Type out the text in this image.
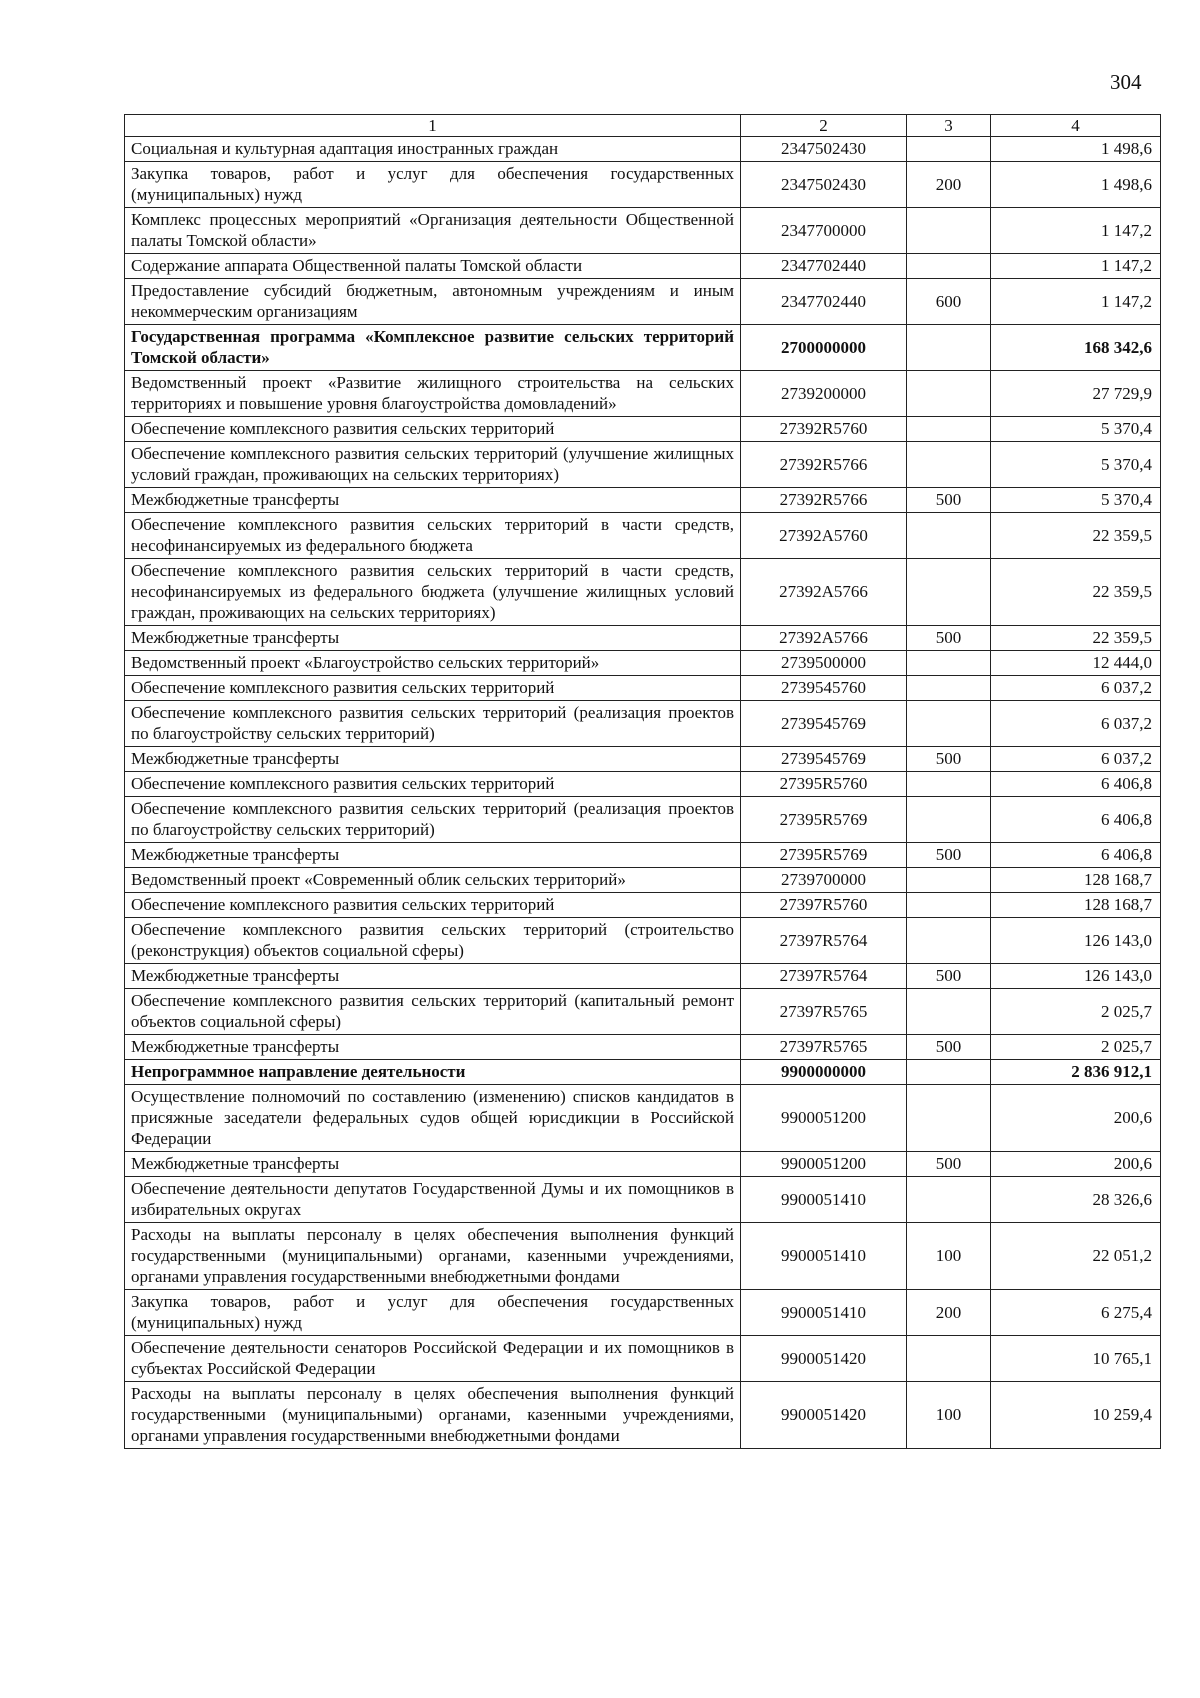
304
1	2	3	4
Социальная и культурная адаптация иностранных граждан	2347502430		1 498,6
Закупка товаров, работ и услуг для обеспечения государственных (муниципальных) нужд	2347502430	200	1 498,6
Комплекс процессных мероприятий «Организация деятельности Общественной палаты Томской области»	2347700000		1 147,2
Содержание аппарата Общественной палаты Томской области	2347702440		1 147,2
Предоставление субсидий бюджетным, автономным учреждениям и иным некоммерческим организациям	2347702440	600	1 147,2
Государственная программа «Комплексное развитие сельских территорий Томской области»	2700000000		168 342,6
Ведомственный проект «Развитие жилищного строительства на сельских территориях и повышение уровня благоустройства домовладений»	2739200000		27 729,9
Обеспечение комплексного развития сельских территорий	27392R5760		5 370,4
Обеспечение комплексного развития сельских территорий (улучшение жилищных условий граждан, проживающих на сельских территориях)	27392R5766		5 370,4
Межбюджетные трансферты	27392R5766	500	5 370,4
Обеспечение комплексного развития сельских территорий в части средств, несофинансируемых из федерального бюджета	27392A5760		22 359,5
Обеспечение комплексного развития сельских территорий в части средств, несофинансируемых из федерального бюджета (улучшение жилищных условий граждан, проживающих на сельских территориях)	27392A5766		22 359,5
Межбюджетные трансферты	27392A5766	500	22 359,5
Ведомственный проект «Благоустройство сельских территорий»	2739500000		12 444,0
Обеспечение комплексного развития сельских территорий	2739545760		6 037,2
Обеспечение комплексного развития сельских территорий (реализация проектов по благоустройству сельских территорий)	2739545769		6 037,2
Межбюджетные трансферты	2739545769	500	6 037,2
Обеспечение комплексного развития сельских территорий	27395R5760		6 406,8
Обеспечение комплексного развития сельских территорий (реализация проектов по благоустройству сельских территорий)	27395R5769		6 406,8
Межбюджетные трансферты	27395R5769	500	6 406,8
Ведомственный проект «Современный облик сельских территорий»	2739700000		128 168,7
Обеспечение комплексного развития сельских территорий	27397R5760		128 168,7
Обеспечение комплексного развития сельских территорий (строительство (реконструкция) объектов социальной сферы)	27397R5764		126 143,0
Межбюджетные трансферты	27397R5764	500	126 143,0
Обеспечение комплексного развития сельских территорий (капитальный ремонт объектов социальной сферы)	27397R5765		2 025,7
Межбюджетные трансферты	27397R5765	500	2 025,7
Непрограммное направление деятельности	9900000000		2 836 912,1
Осуществление полномочий по составлению (изменению) списков кандидатов в присяжные заседатели федеральных судов общей юрисдикции в Российской Федерации	9900051200		200,6
Межбюджетные трансферты	9900051200	500	200,6
Обеспечение деятельности депутатов Государственной Думы и их помощников в избирательных округах	9900051410		28 326,6
Расходы на выплаты персоналу в целях обеспечения выполнения функций государственными (муниципальными) органами, казенными учреждениями, органами управления государственными внебюджетными фондами	9900051410	100	22 051,2
Закупка товаров, работ и услуг для обеспечения государственных (муниципальных) нужд	9900051410	200	6 275,4
Обеспечение деятельности сенаторов Российской Федерации и их помощников в субъектах Российской Федерации	9900051420		10 765,1
Расходы на выплаты персоналу в целях обеспечения выполнения функций государственными (муниципальными) органами, казенными учреждениями, органами управления государственными внебюджетными фондами	9900051420	100	10 259,4
